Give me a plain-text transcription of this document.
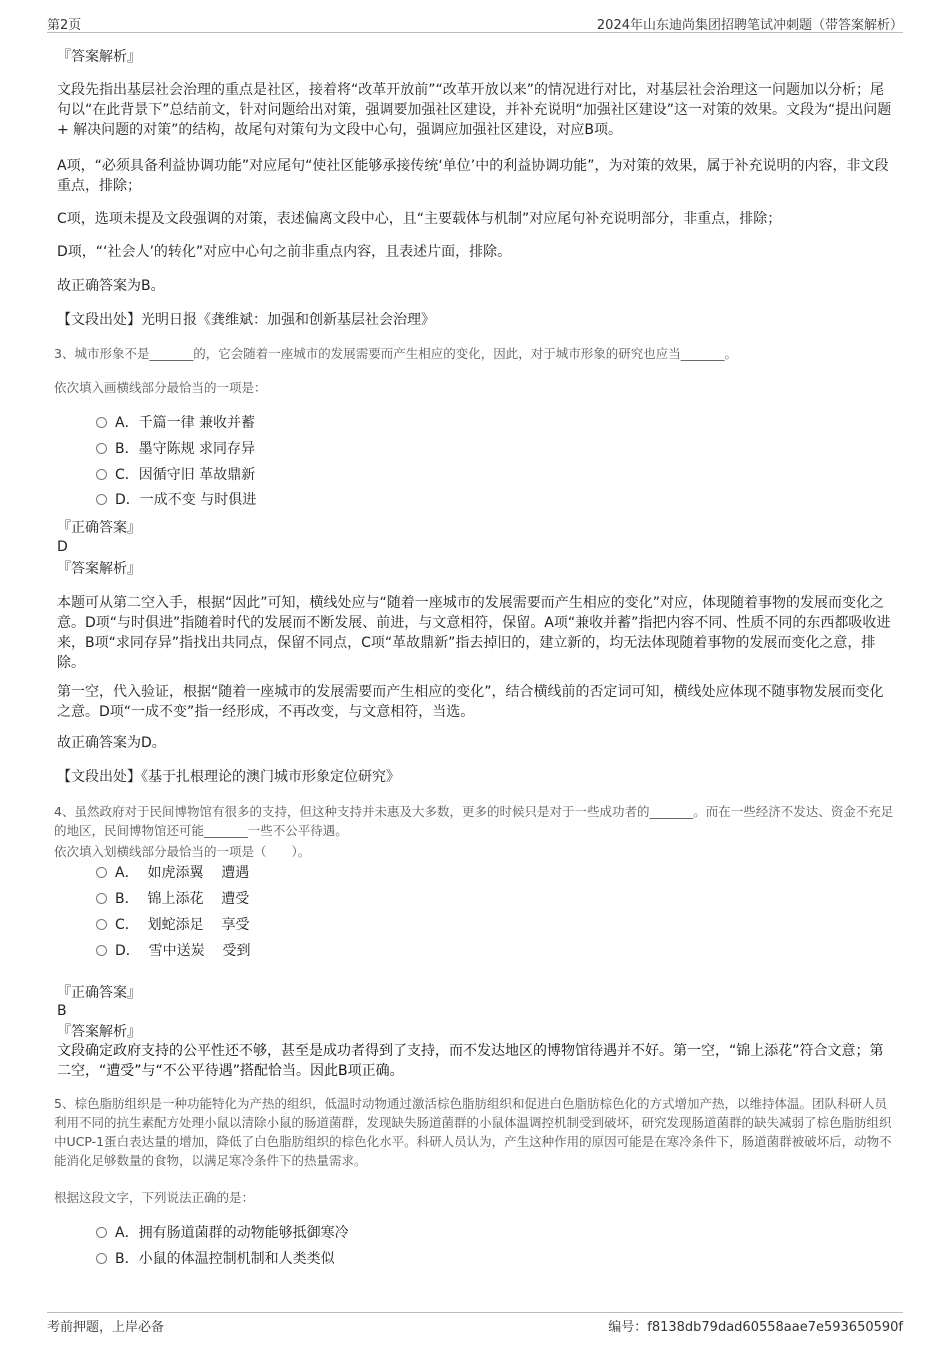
第2页	2024年山东迪尚集团招聘笔试冲刺题（带答案解析）
『答案解析』
文段先指出基层社会治理的重点是社区，接着将“改革开放前”“改革开放以来”的情况进行对比，对基层社会治理这一问题加以分析；尾句以“在此背景下”总结前文，针对问题给出对策，强调要加强社区建设，并补充说明“加强社区建设”这一对策的效果。文段为“提出问题 + 解决问题的对策”的结构，故尾句对策句为文段中心句，强调应加强社区建设，对应B项。
A项，“必须具备利益协调功能”对应尾句“使社区能够承接传统‘单位’中的利益协调功能”，为对策的效果，属于补充说明的内容，非文段重点，排除；
C项，选项未提及文段强调的对策，表述偏离文段中心，且“主要载体与机制”对应尾句补充说明部分，非重点，排除；
D项，“‘社会人’的转化”对应中心句之前非重点内容，且表述片面，排除。
故正确答案为B。
【文段出处】光明日报《龚维斌：加强和创新基层社会治理》
3、城市形象不是_______的，它会随着一座城市的发展需要而产生相应的变化，因此，对于城市形象的研究也应当_______。
依次填入画横线部分最恰当的一项是：
A．千篇一律 兼收并蓄
B．墨守陈规 求同存异
C．因循守旧 革故鼎新
D．一成不变 与时俱进
『正确答案』
D
『答案解析』
本题可从第二空入手，根据“因此”可知，横线处应与“随着一座城市的发展需要而产生相应的变化”对应，体现随着事物的发展而变化之意。D项“与时俱进”指随着时代的发展而不断发展、前进，与文意相符，保留。A项“兼收并蓄”指把内容不同、性质不同的东西都吸收进来，B项“求同存异”指找出共同点，保留不同点，C项“革故鼎新”指去掉旧的，建立新的，均无法体现随着事物的发展而变化之意，排除。
第一空，代入验证，根据“随着一座城市的发展需要而产生相应的变化”，结合横线前的否定词可知，横线处应体现不随事物发展而变化之意。D项“一成不变”指一经形成，不再改变，与文意相符，当选。
故正确答案为D。
【文段出处】《基于扎根理论的澳门城市形象定位研究》
4、虽然政府对于民间博物馆有很多的支持，但这种支持并未惠及大多数，更多的时候只是对于一些成功者的_______。而在一些经济不发达、资金不充足的地区，民间博物馆还可能_______一些不公平待遇。
依次填入划横线部分最恰当的一项是（　　）。
A．  如虎添翼    遭遇
B．  锦上添花    遭受
C．  划蛇添足    享受
D．  雪中送炭    受到
『正确答案』
B
『答案解析』
文段确定政府支持的公平性还不够，甚至是成功者得到了支持，而不发达地区的博物馆待遇并不好。第一空，“锦上添花”符合文意；第二空，“遭受”与“不公平待遇”搭配恰当。因此B项正确。
5、棕色脂肪组织是一种功能特化为产热的组织，低温时动物通过激活棕色脂肪组织和促进白色脂肪棕色化的方式增加产热，以维持体温。团队科研人员利用不同的抗生素配方处理小鼠以清除小鼠的肠道菌群，发现缺失肠道菌群的小鼠体温调控机制受到破坏，研究发现肠道菌群的缺失减弱了棕色脂肪组织中UCP-1蛋白表达量的增加，降低了白色脂肪组织的棕色化水平。科研人员认为，产生这种作用的原因可能是在寒冷条件下，肠道菌群被破坏后，动物不能消化足够数量的食物，以满足寒冷条件下的热量需求。
根据这段文字，下列说法正确的是：
A．拥有肠道菌群的动物能够抵御寒冷
B．小鼠的体温控制机制和人类类似
考前押题，上岸必备	编号：f8138db79dad60558aae7e593650590f
